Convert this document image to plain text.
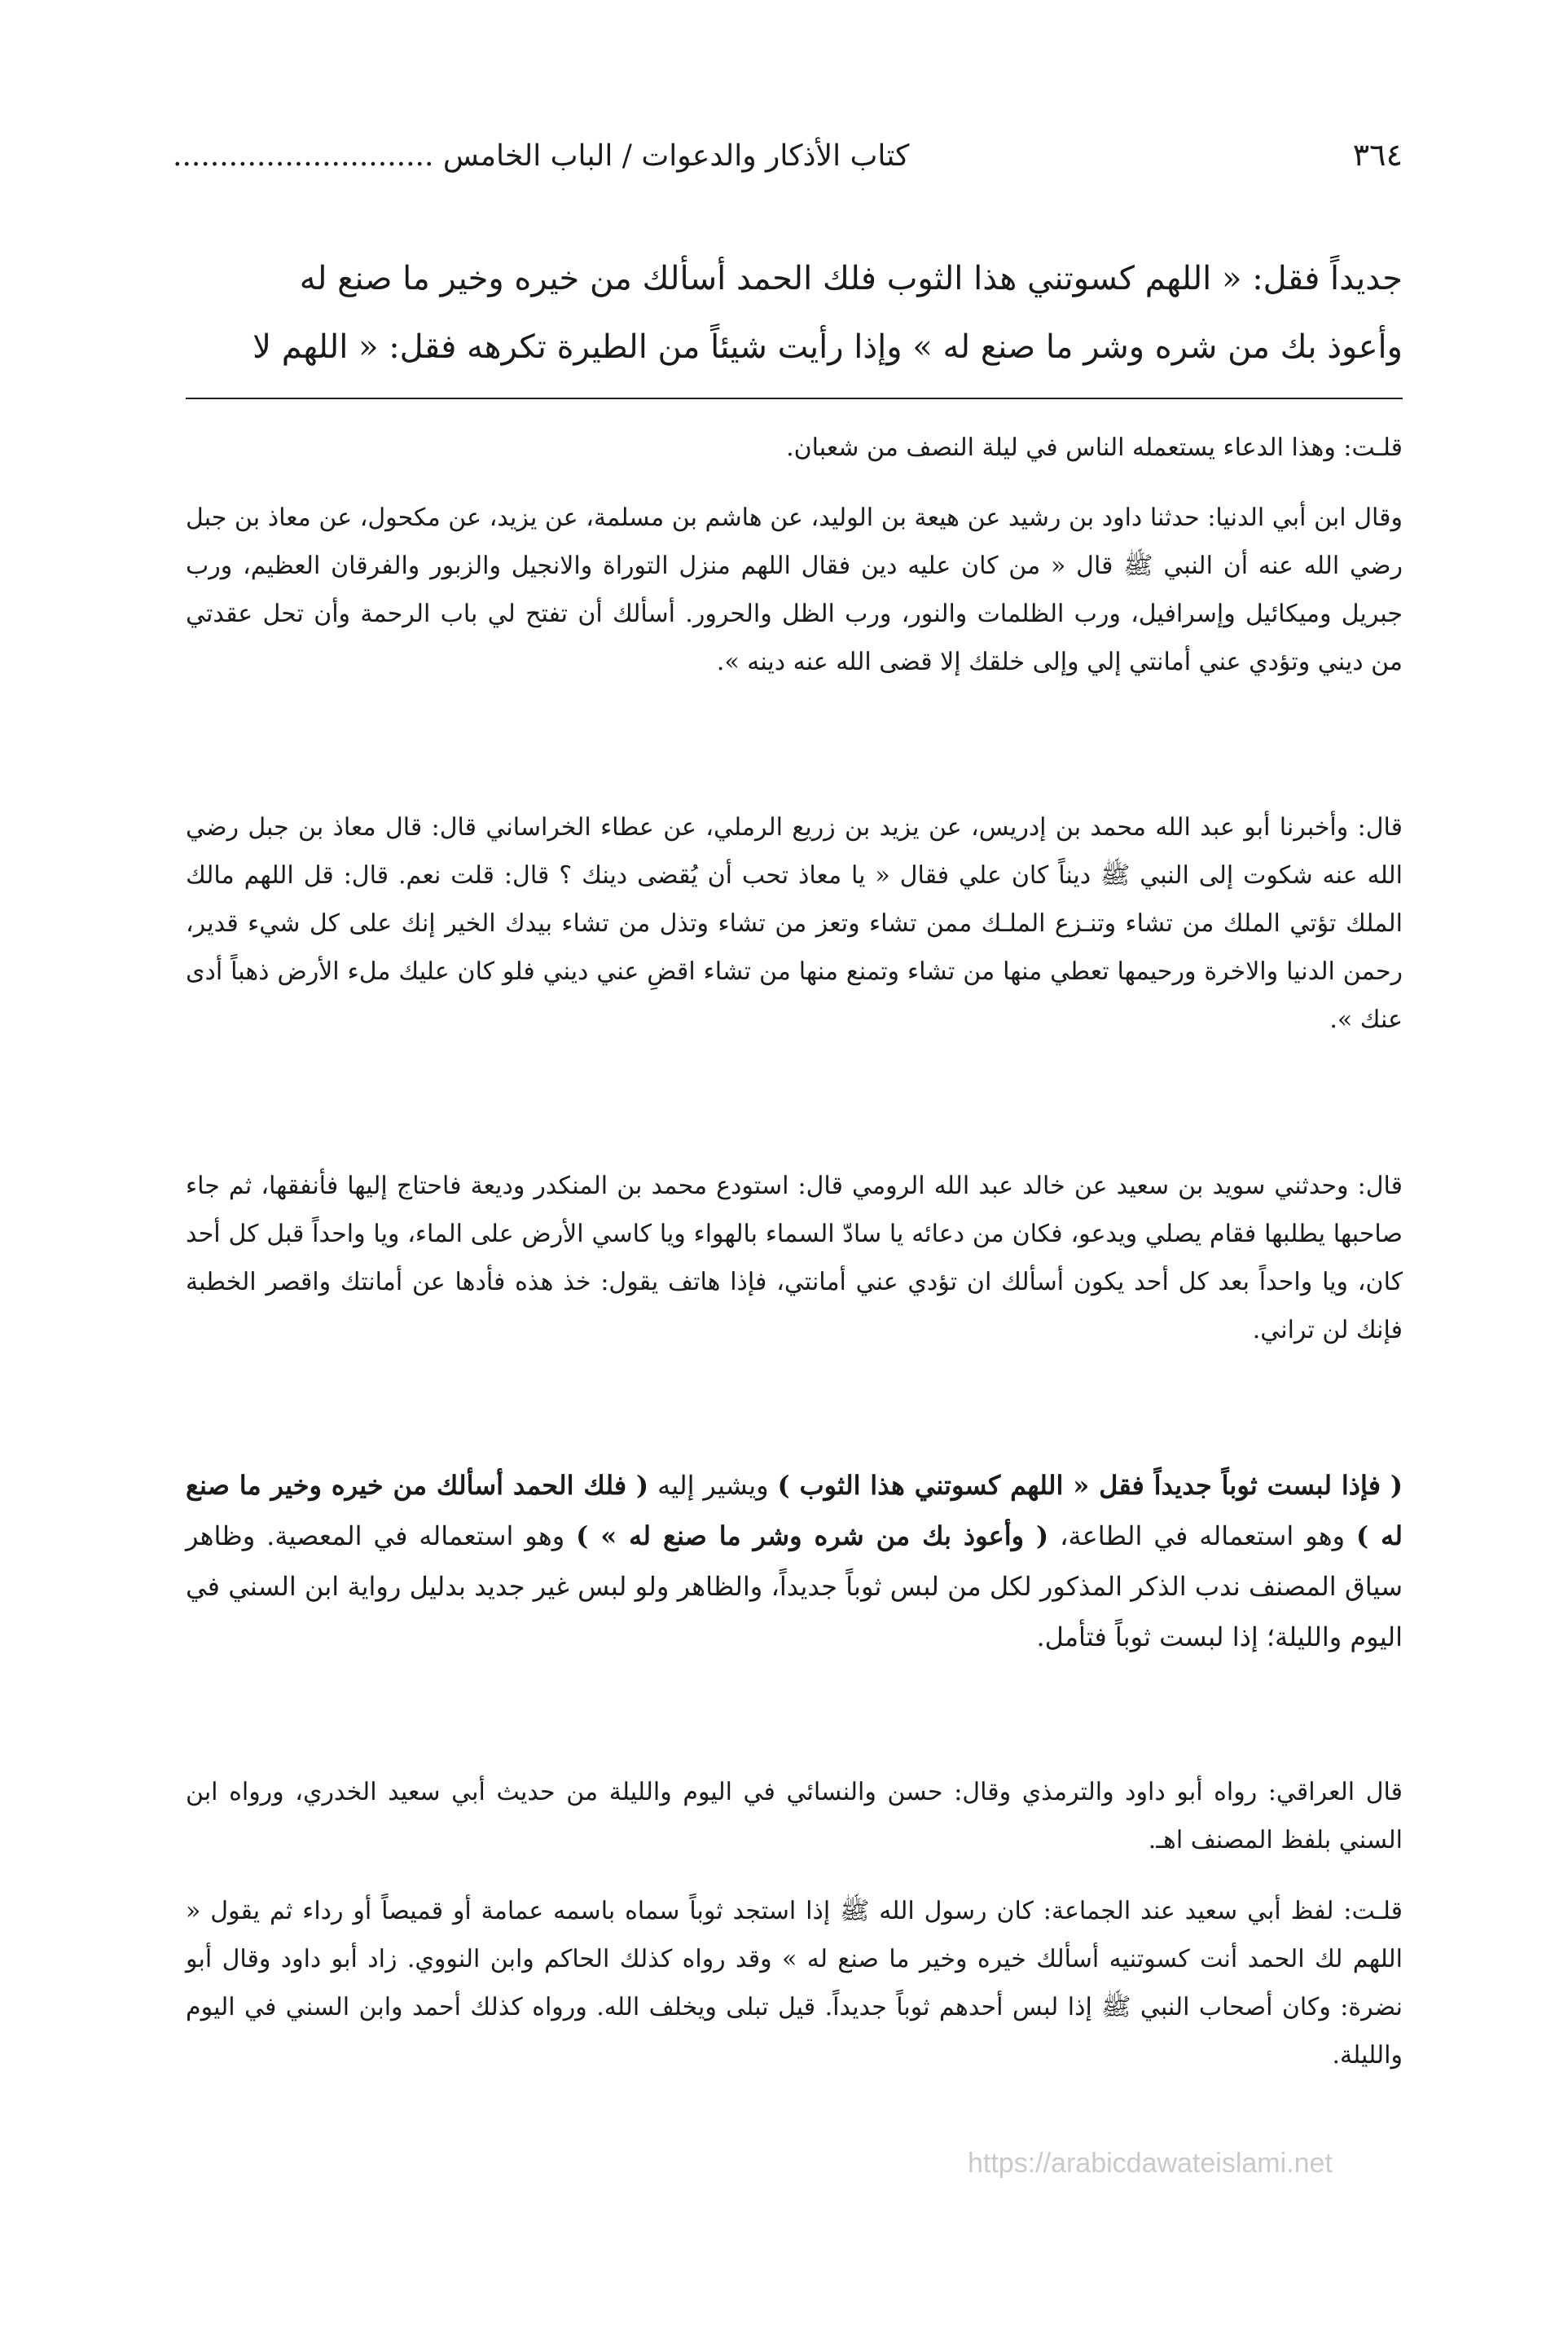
٣٦٤
كتاب الأذكار والدعوات / الباب الخامس ............................
جديداً فقل: « اللهم كسوتني هذا الثوب فلك الحمد أسألك من خيره وخير ما صنع له
وأعوذ بك من شره وشر ما صنع له » وإذا رأيت شيئاً من الطيرة تكرهه فقل: « اللهم لا

قلـت: وهذا الدعاء يستعمله الناس في ليلة النصف من شعبان.

وقال ابن أبي الدنيا: حدثنا داود بن رشيد عن هيعة بن الوليد، عن هاشم بن مسلمة، عن يزيد، عن مكحول، عن معاذ بن جبل رضي الله عنه أن النبي ﷺ قال « من كان عليه دين فقال اللهم منزل التوراة والانجيل والزبور والفرقان العظيم، ورب جبريل وميكائيل وإسرافيل، ورب الظلمات والنور، ورب الظل والحرور. أسألك أن تفتح لي باب الرحمة وأن تحل عقدتي من ديني وتؤدي عني أمانتي إلي وإلى خلقك إلا قضى الله عنه دينه ».

قال: وأخبرنا أبو عبد الله محمد بن إدريس، عن يزيد بن زريع الرملي، عن عطاء الخراساني قال: قال معاذ بن جبل رضي الله عنه شكوت إلى النبي ﷺ ديناً كان علي فقال « يا معاذ تحب أن يُقضى دينك ؟ قال: قلت نعم. قال: قل اللهم مالك الملك تؤتي الملك من تشاء وتنـزع الملـك ممن تشاء وتعز من تشاء وتذل من تشاء بيدك الخير إنك على كل شيء قدير، رحمن الدنيا والاخرة ورحيمها تعطي منها من تشاء وتمنع منها من تشاء اقضِ عني ديني فلو كان عليك ملء الأرض ذهباً أدى عنك ».

قال: وحدثني سويد بن سعيد عن خالد عبد الله الرومي قال: استودع محمد بن المنكدر وديعة فاحتاج إليها فأنفقها، ثم جاء صاحبها يطلبها فقام يصلي ويدعو، فكان من دعائه يا سادّ السماء بالهواء ويا كاسي الأرض على الماء، ويا واحداً قبل كل أحد كان، ويا واحداً بعد كل أحد يكون أسألك ان تؤدي عني أمانتي، فإذا هاتف يقول: خذ هذه فأدها عن أمانتك واقصر الخطبة فإنك لن تراني.

( فإذا لبست ثوباً جديداً فقل « اللهم كسوتني هذا الثوب ) ويشير إليه ( فلك الحمد أسألك من خيره وخير ما صنع له ) وهو استعماله في الطاعة، ( وأعوذ بك من شره وشر ما صنع له » ) وهو استعماله في المعصية. وظاهر سياق المصنف ندب الذكر المذكور لكل من لبس ثوباً جديداً، والظاهر ولو لبس غير جديد بدليل رواية ابن السني في اليوم والليلة؛ إذا لبست ثوباً فتأمل.

قال العراقي: رواه أبو داود والترمذي وقال: حسن والنسائي في اليوم والليلة من حديث أبي سعيد الخدري، ورواه ابن السني بلفظ المصنف اهـ.

قلـت: لفظ أبي سعيد عند الجماعة: كان رسول الله ﷺ إذا استجد ثوباً سماه باسمه عمامة أو قميصاً أو رداء ثم يقول « اللهم لك الحمد أنت كسوتنيه أسألك خيره وخير ما صنع له » وقد رواه كذلك الحاكم وابن النووي. زاد أبو داود وقال أبو نضرة: وكان أصحاب النبي ﷺ إذا لبس أحدهم ثوباً جديداً. قيل تبلى ويخلف الله. ورواه كذلك أحمد وابن السني في اليوم والليلة.

https://arabicdawateislami.net
